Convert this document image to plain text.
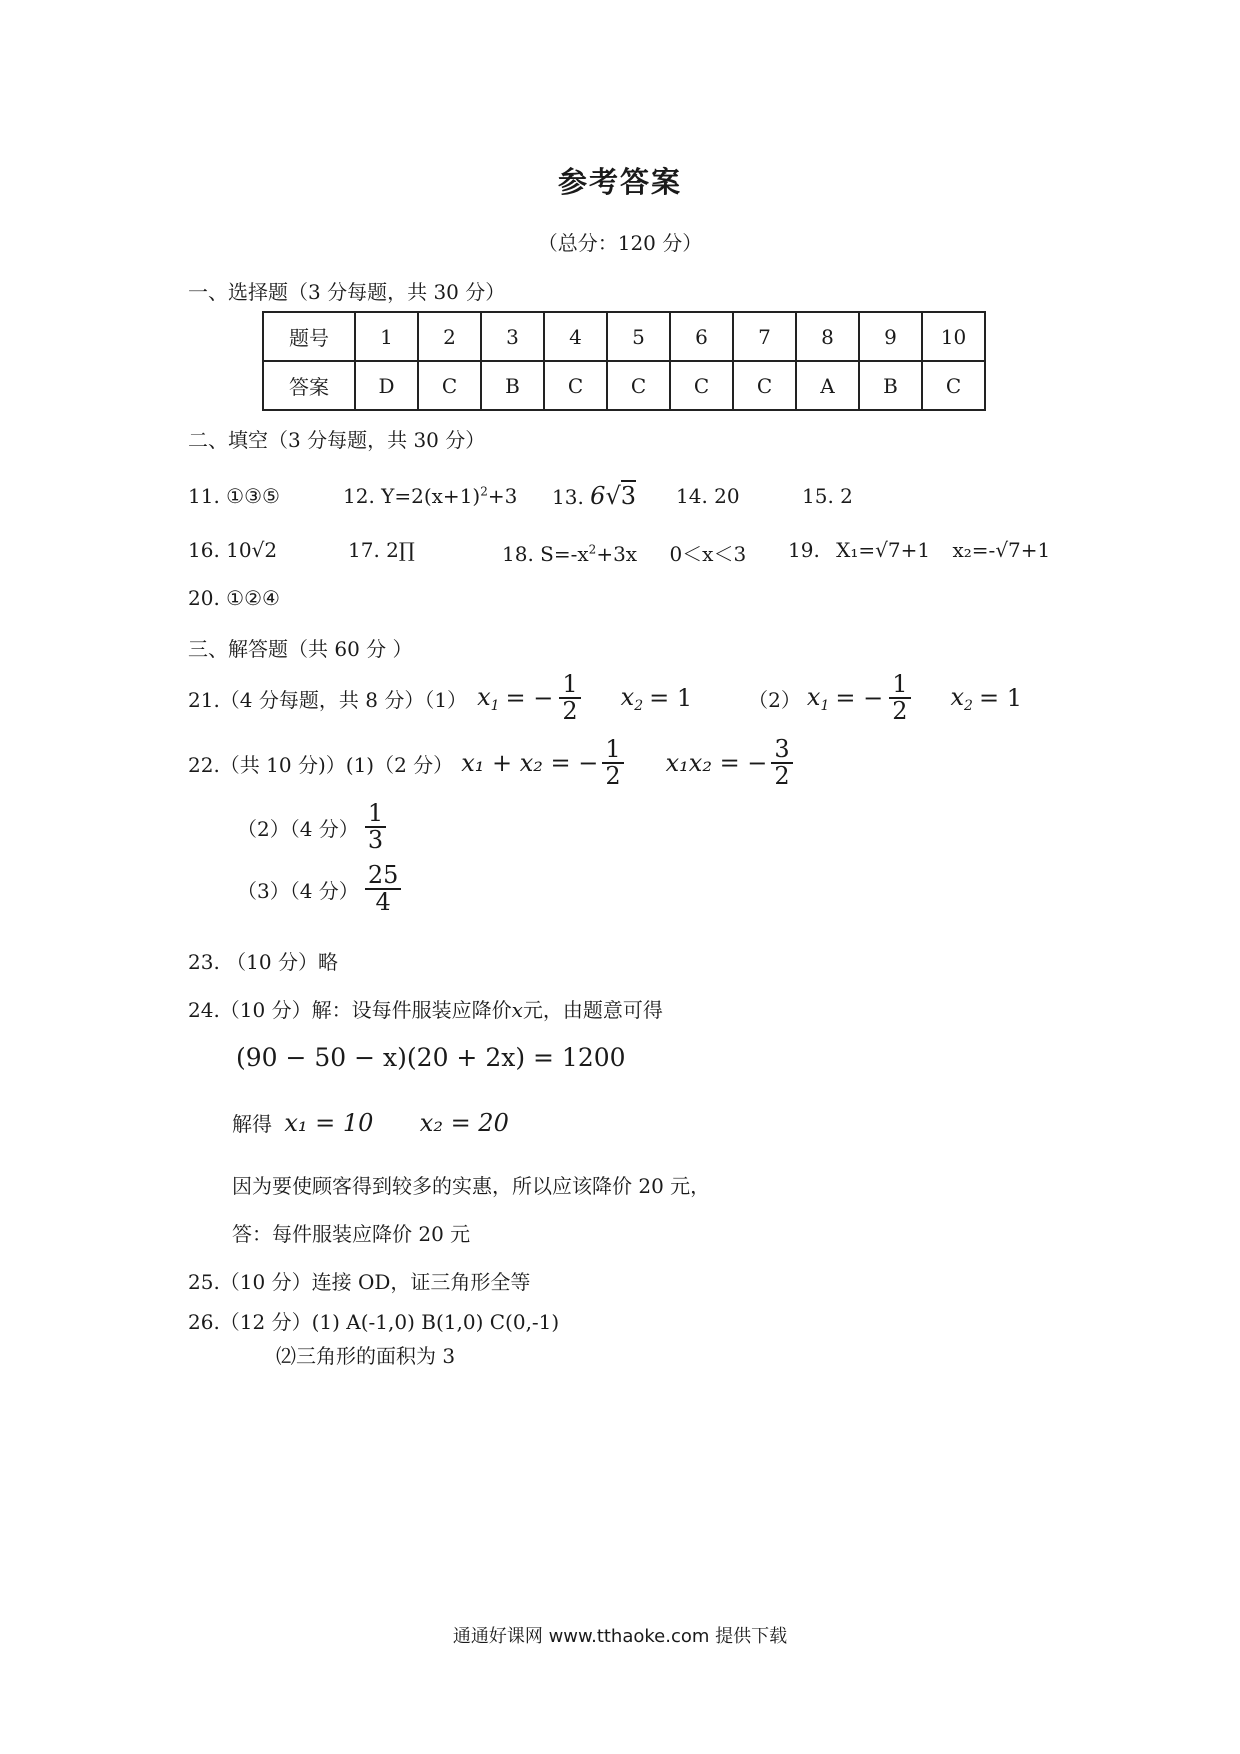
参考答案
（总分：120 分）
一、选择题（3 分每题，共 30 分）
题号	1	2	3	4	5	6	7	8	9	10
答案	D	C	B	C	C	C	C	A	B	C
二、填空（3 分每题，共 30 分）
11. ①③⑤	12. $Y=2(x+1)^2+3$ 13. 6√3 14. 20	15. 2
16. 10√2	17. 2∏	18. $S=-x^2+3x$ 0＜x＜3 19. X₁=√7+1 x₂=-√7+1
20. ①②④
三、解答题（共 60 分 ）
21.（4 分每题，共 8 分）（1） $x_1$ = − $\frac{1}{2} x_2 = 1$	（2） $x_1$ = − $\frac{1}{2} x_2 = 1$
22.（共 10 分)）(1)（2 分） x₁ + x₂ = − $\frac{1}{2} x_1x_2$ = − $\frac{3}{2}$
（2）（4 分） $\frac{1}{3}$
（3）（4 分） $\frac{25}{4}$
23. （10 分）略
24.（10 分）解：设每件服装应降价x元，由题意可得
(90 − 50 − x)(20 + 2x) = 1200
解得 x₁ = 10 x₂ = 20
因为要使顾客得到较多的实惠，所以应该降价 20 元，
答：每件服装应降价 20 元
25.（10 分）连接 OD，证三角形全等
26.（12 分）(1) A(-1,0) B(1,0) C(0,-1)
⑵三角形的面积为 3
通通好课网 www.tthaoke.com 提供下载
